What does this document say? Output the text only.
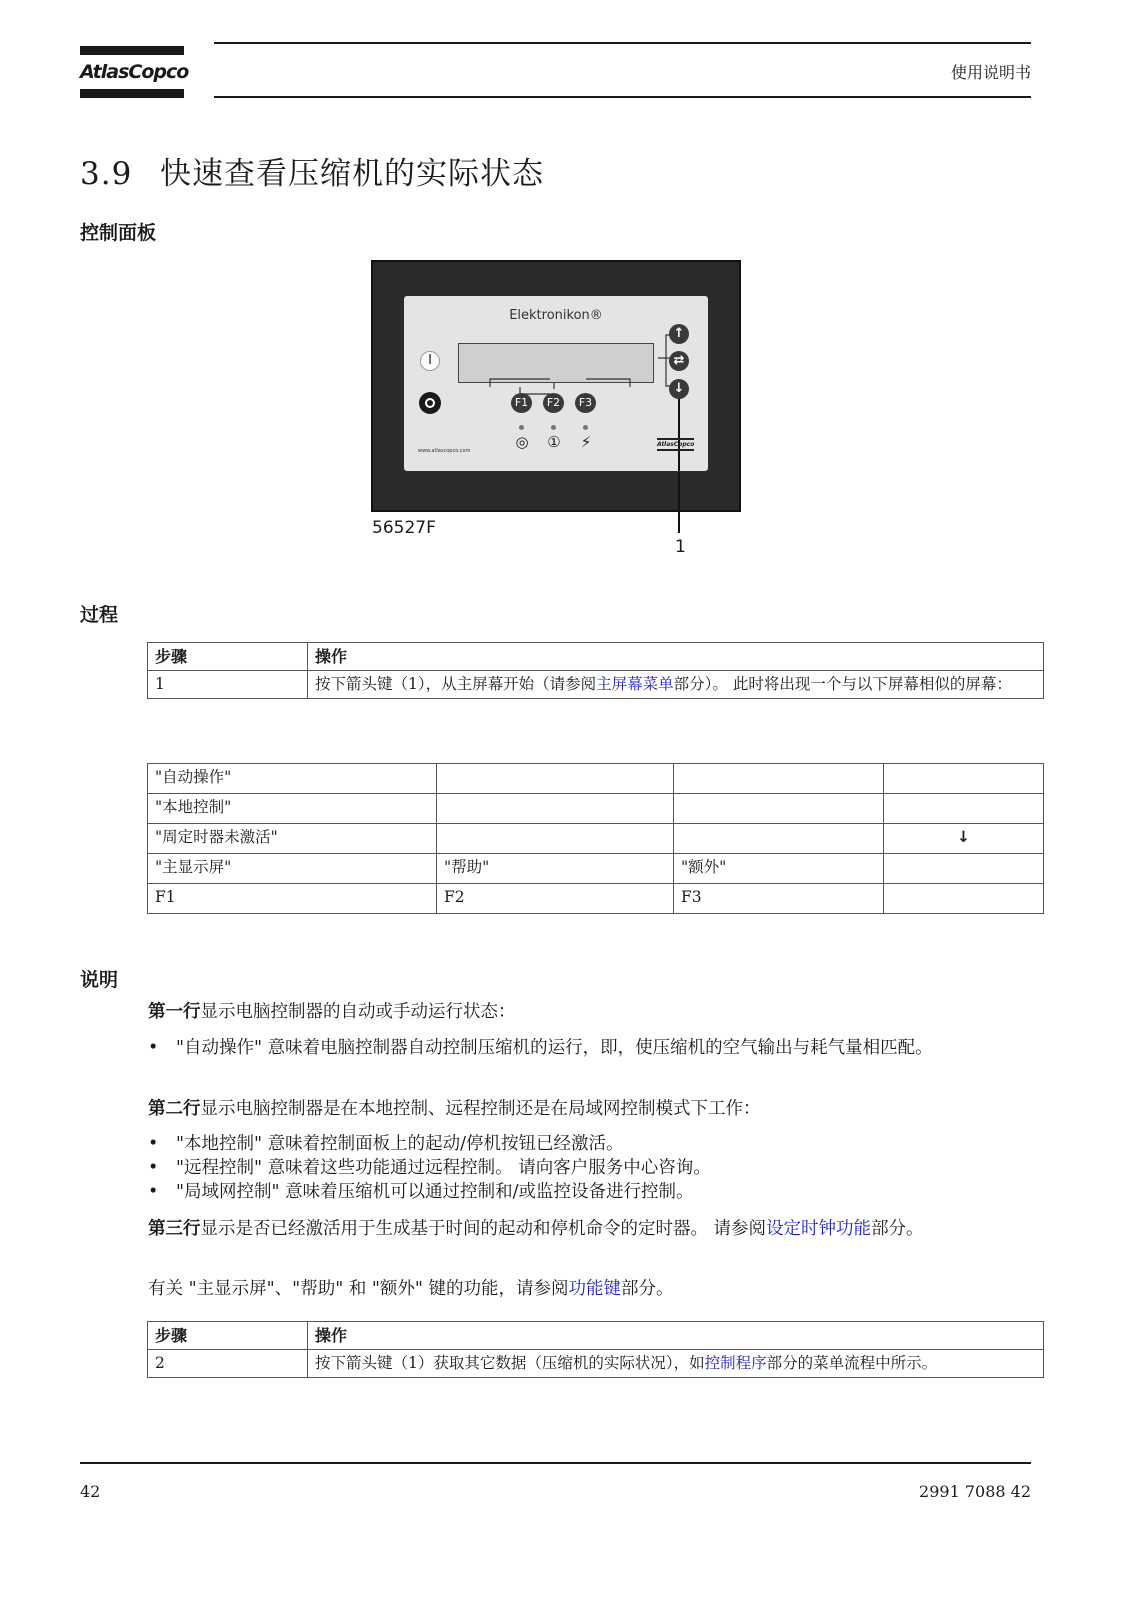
AtlasCopco	使用说明书
3.9 快速查看压缩机的实际状态
控制面板
Elektronikon®
↑
⇄
↓
F1	F2	F3
I
◎ ①	⚡
www.atlascopco.com
AtlasCopco
56527F
1
过程
步骤	操作
1	按下箭头键（1），从主屏幕开始（请参阅主屏幕菜单部分）。 此时将出现一个与以下屏幕相似的屏幕：
"自动操作"			
"本地控制"			
"周定时器未激活"			↓
"主显示屏"	"帮助"	"额外"	
F1	F2	F3	
说明
第一行显示电脑控制器的自动或手动运行状态：
• "自动操作" 意味着电脑控制器自动控制压缩机的运行，即，使压缩机的空气输出与耗气量相匹配。
第二行显示电脑控制器是在本地控制、远程控制还是在局域网控制模式下工作：
• "本地控制" 意味着控制面板上的起动/停机按钮已经激活。
• "远程控制" 意味着这些功能通过远程控制。 请向客户服务中心咨询。
• "局域网控制" 意味着压缩机可以通过控制和/或监控设备进行控制。
第三行显示是否已经激活用于生成基于时间的起动和停机命令的定时器。 请参阅设定时钟功能部分。
有关 "主显示屏"、"帮助" 和 "额外" 键的功能，请参阅功能键部分。
步骤	操作
2	按下箭头键（1）获取其它数据（压缩机的实际状况），如控制程序部分的菜单流程中所示。
42	2991 7088 42
